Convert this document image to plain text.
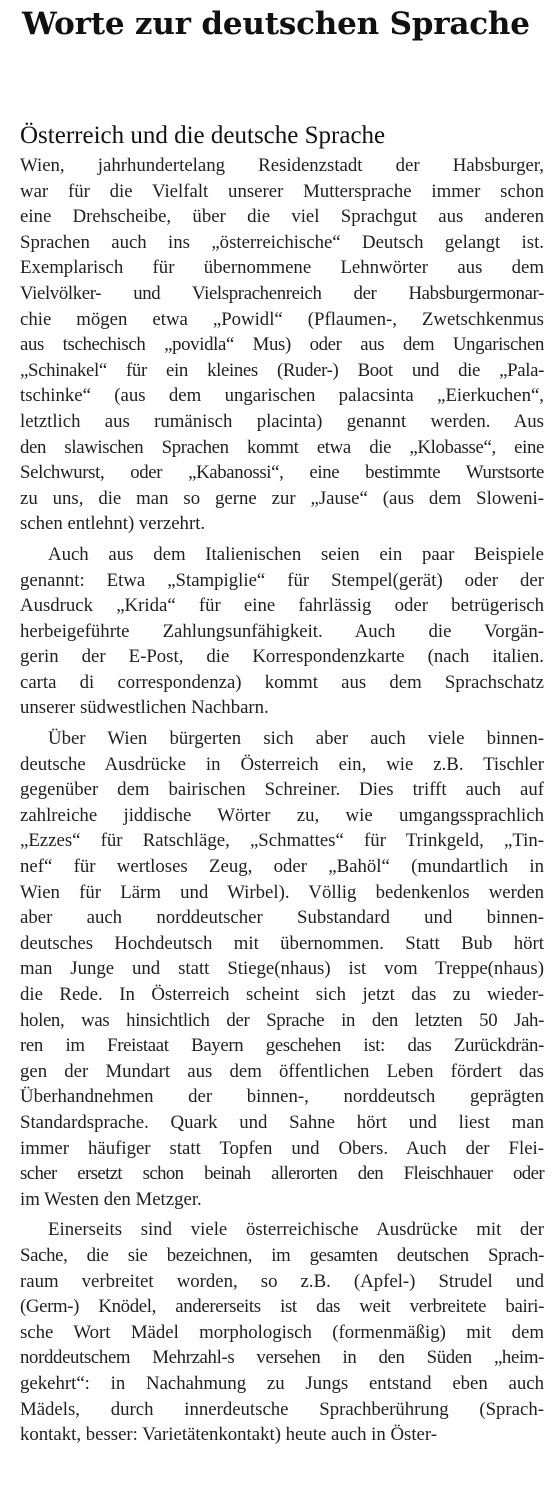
Worte zur deutschen Sprache
Österreich und die deutsche Sprache
Wien, jahrhundertelang Residenzstadt der Habsburger,
war für die Vielfalt unserer Muttersprache immer schon
eine Drehscheibe, über die viel Sprachgut aus anderen
Sprachen auch ins „österreichische“ Deutsch gelangt ist.
Exemplarisch für übernommene Lehnwörter aus dem
Vielvölker- und Vielsprachenreich der Habsburgermonar-
chie mögen etwa „Powidl“ (Pflaumen-, Zwetschkenmus
aus tschechisch „povidla“ Mus) oder aus dem Ungarischen
„Schinakel“ für ein kleines (Ruder-) Boot und die „Pala-
tschinke“ (aus dem ungarischen palacsinta „Eierkuchen“,
letztlich aus rumänisch placinta) genannt werden. Aus
den slawischen Sprachen kommt etwa die „Klobasse“, eine
Selchwurst, oder „Kabanossi“, eine bestimmte Wurstsorte
zu uns, die man so gerne zur „Jause“ (aus dem Sloweni-
schen entlehnt) verzehrt.
Auch aus dem Italienischen seien ein paar Beispiele
genannt: Etwa „Stampiglie“ für Stempel(gerät) oder der
Ausdruck „Krida“ für eine fahrlässig oder betrügerisch
herbeigeführte Zahlungsunfähigkeit. Auch die Vorgän-
gerin der E-Post, die Korrespondenzkarte (nach italien.
carta di correspondenza) kommt aus dem Sprachschatz
unserer südwestlichen Nachbarn.
Über Wien bürgerten sich aber auch viele binnen-
deutsche Ausdrücke in Österreich ein, wie z.B. Tischler
gegenüber dem bairischen Schreiner. Dies trifft auch auf
zahlreiche jiddische Wörter zu, wie umgangssprachlich
„Ezzes“ für Ratschläge, „Schmattes“ für Trinkgeld, „Tin-
nef“ für wertloses Zeug, oder „Bahöl“ (mundartlich in
Wien für Lärm und Wirbel). Völlig bedenkenlos werden
aber auch norddeutscher Substandard und binnen-
deutsches Hochdeutsch mit übernommen. Statt Bub hört
man Junge und statt Stiege(nhaus) ist vom Treppe(nhaus)
die Rede. In Österreich scheint sich jetzt das zu wieder-
holen, was hinsichtlich der Sprache in den letzten 50 Jah-
ren im Freistaat Bayern geschehen ist: das Zurückdrän-
gen der Mundart aus dem öffentlichen Leben fördert das
Überhandnehmen der binnen-, norddeutsch geprägten
Standardsprache. Quark und Sahne hört und liest man
immer häufiger statt Topfen und Obers. Auch der Flei-
scher ersetzt schon beinah allerorten den Fleischhauer oder
im Westen den Metzger.
Einerseits sind viele österreichische Ausdrücke mit der
Sache, die sie bezeichnen, im gesamten deutschen Sprach-
raum verbreitet worden, so z.B. (Apfel-) Strudel und
(Germ-) Knödel, andererseits ist das weit verbreitete bairi-
sche Wort Mädel morphologisch (formenmäßig) mit dem
norddeutschem Mehrzahl-s versehen in den Süden „heim-
gekehrt“: in Nachahmung zu Jungs entstand eben auch
Mädels, durch innerdeutsche Sprachberührung (Sprach-
kontakt, besser: Varietätenkontakt) heute auch in Öster-
